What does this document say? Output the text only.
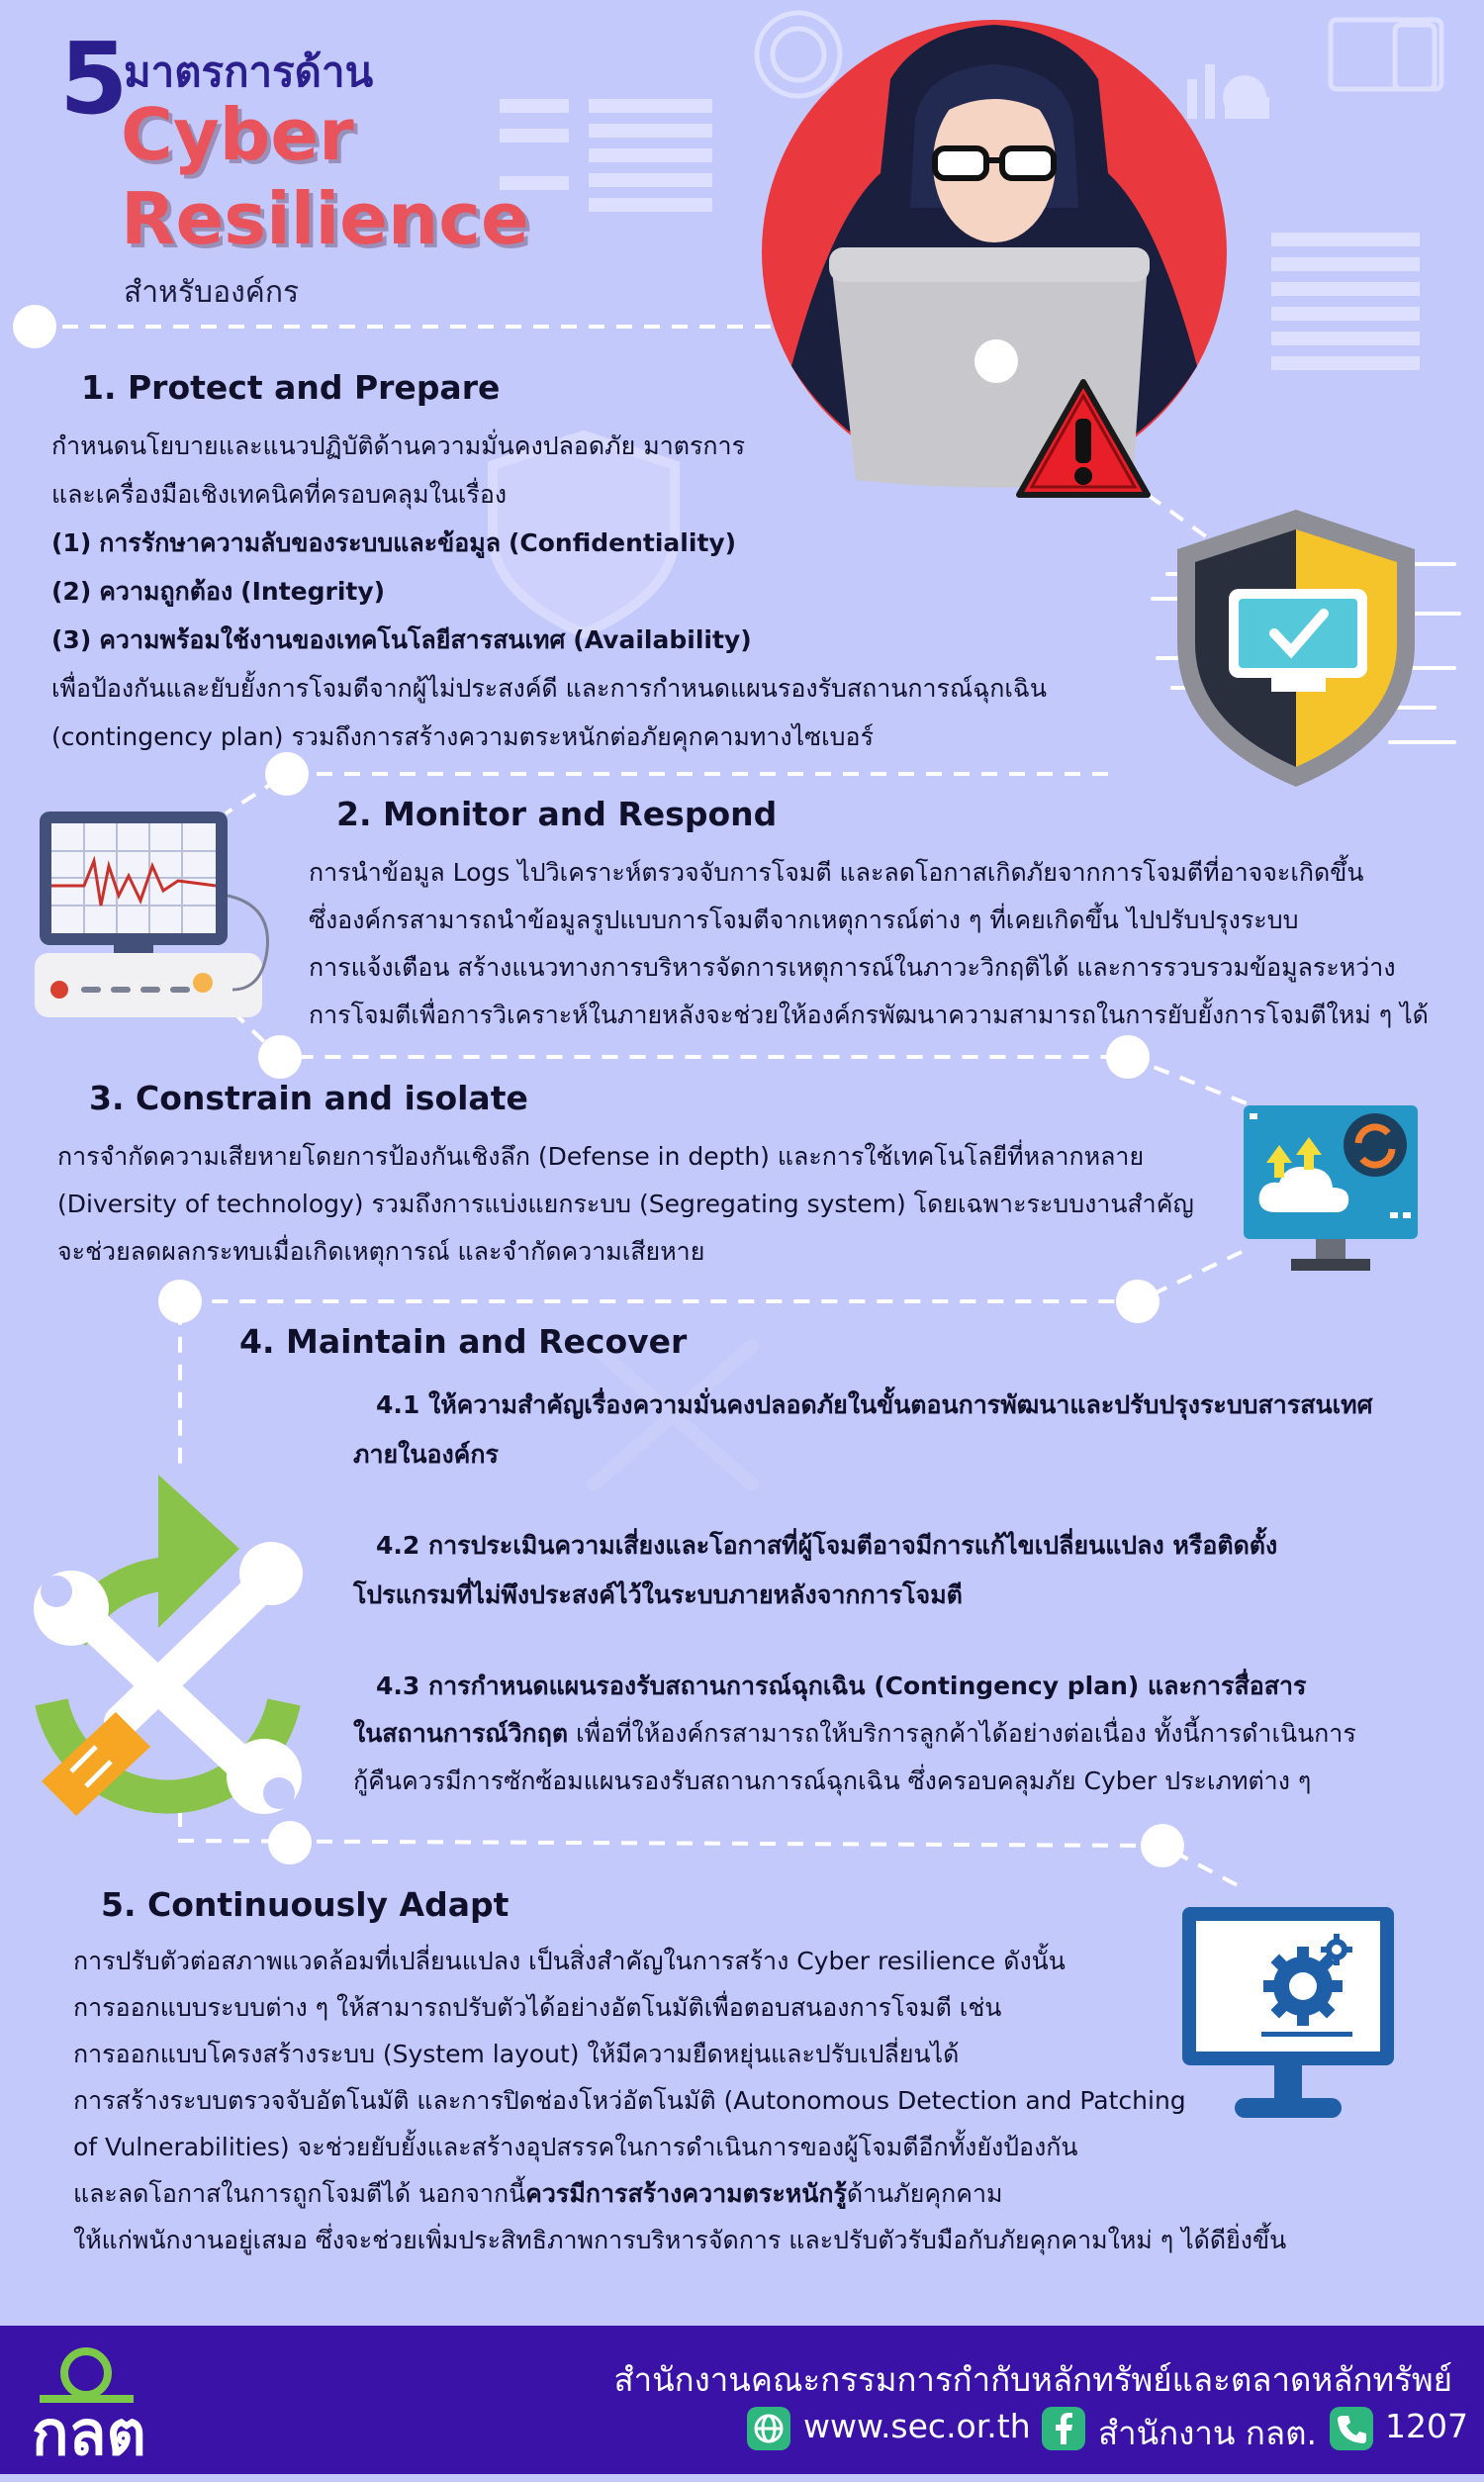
5
มาตรการด้าน
Cyber
Resilience
สำหรับองค์กร
1. Protect and Prepare
กำหนดนโยบายและแนวปฏิบัติด้านความมั่นคงปลอดภัย มาตรการ
และเครื่องมือเชิงเทคนิคที่ครอบคลุมในเรื่อง
(1) การรักษาความลับของระบบและข้อมูล (Confidentiality)
(2) ความถูกต้อง (Integrity)
(3) ความพร้อมใช้งานของเทคโนโลยีสารสนเทศ (Availability)
เพื่อป้องกันและยับยั้งการโจมตีจากผู้ไม่ประสงค์ดี และการกำหนดแผนรองรับสถานการณ์ฉุกเฉิน
(contingency plan) รวมถึงการสร้างความตระหนักต่อภัยคุกคามทางไซเบอร์
2. Monitor and Respond
การนำข้อมูล Logs ไปวิเคราะห์ตรวจจับการโจมตี และลดโอกาสเกิดภัยจากการโจมตีที่อาจจะเกิดขึ้น
ซึ่งองค์กรสามารถนำข้อมูลรูปแบบการโจมตีจากเหตุการณ์ต่าง ๆ ที่เคยเกิดขึ้น ไปปรับปรุงระบบ
การแจ้งเตือน สร้างแนวทางการบริหารจัดการเหตุการณ์ในภาวะวิกฤติได้ และการรวบรวมข้อมูลระหว่าง
การโจมตีเพื่อการวิเคราะห์ในภายหลังจะช่วยให้องค์กรพัฒนาความสามารถในการยับยั้งการโจมตีใหม่ ๆ ได้
3. Constrain and isolate
การจำกัดความเสียหายโดยการป้องกันเชิงลึก (Defense in depth) และการใช้เทคโนโลยีที่หลากหลาย
(Diversity of technology) รวมถึงการแบ่งแยกระบบ (Segregating system) โดยเฉพาะระบบงานสำคัญ
จะช่วยลดผลกระทบเมื่อเกิดเหตุการณ์ และจำกัดความเสียหาย
4. Maintain and Recover
4.1 ให้ความสำคัญเรื่องความมั่นคงปลอดภัยในขั้นตอนการพัฒนาและปรับปรุงระบบสารสนเทศ
ภายในองค์กร
4.2 การประเมินความเสี่ยงและโอกาสที่ผู้โจมตีอาจมีการแก้ไขเปลี่ยนแปลง หรือติดตั้ง
โปรแกรมที่ไม่พึงประสงค์ไว้ในระบบภายหลังจากการโจมตี
4.3 การกำหนดแผนรองรับสถานการณ์ฉุกเฉิน (Contingency plan) และการสื่อสาร
ในสถานการณ์วิกฤต เพื่อที่ให้องค์กรสามารถให้บริการลูกค้าได้อย่างต่อเนื่อง ทั้งนี้การดำเนินการ
กู้คืนควรมีการซักซ้อมแผนรองรับสถานการณ์ฉุกเฉิน ซึ่งครอบคลุมภัย Cyber ประเภทต่าง ๆ
5. Continuously Adapt
การปรับตัวต่อสภาพแวดล้อมที่เปลี่ยนแปลง เป็นสิ่งสำคัญในการสร้าง Cyber resilience ดังนั้น
การออกแบบระบบต่าง ๆ ให้สามารถปรับตัวได้อย่างอัตโนมัติเพื่อตอบสนองการโจมตี เช่น
การออกแบบโครงสร้างระบบ (System layout) ให้มีความยืดหยุ่นและปรับเปลี่ยนได้
การสร้างระบบตรวจจับอัตโนมัติ และการปิดช่องโหว่อัตโนมัติ (Autonomous Detection and Patching
of Vulnerabilities) จะช่วยยับยั้งและสร้างอุปสรรคในการดำเนินการของผู้โจมตีอีกทั้งยังป้องกัน
และลดโอกาสในการถูกโจมตีได้ นอกจากนี้ควรมีการสร้างความตระหนักรู้ด้านภัยคุกคาม
ให้แก่พนักงานอยู่เสมอ ซึ่งจะช่วยเพิ่มประสิทธิภาพการบริหารจัดการ และปรับตัวรับมือกับภัยคุกคามใหม่ ๆ ได้ดียิ่งขึ้น
กลต
สำนักงานคณะกรรมการกำกับหลักทรัพย์และตลาดหลักทรัพย์
www.sec.or.th สำนักงาน กลต. 1207
